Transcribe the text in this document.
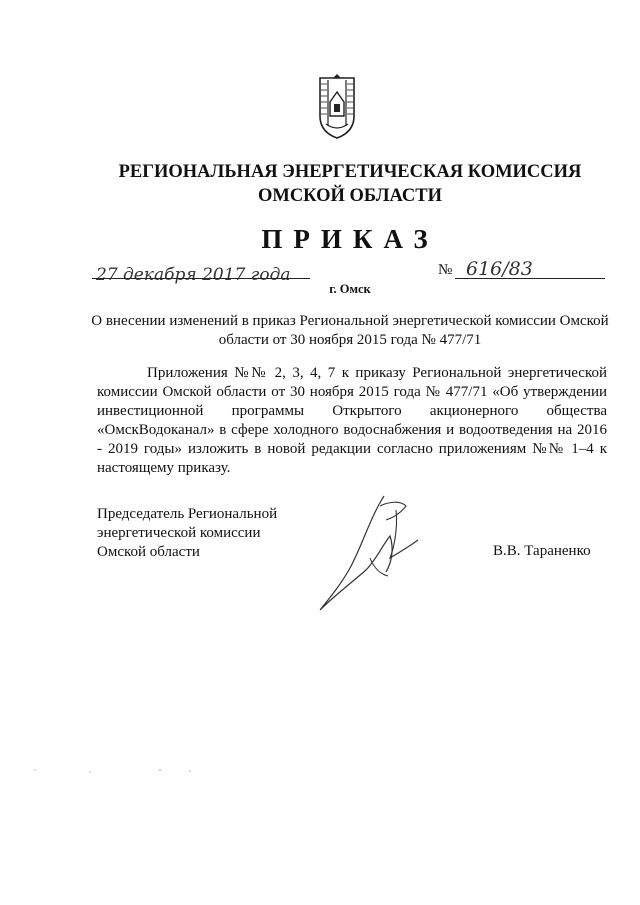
РЕГИОНАЛЬНАЯ ЭНЕРГЕТИЧЕСКАЯ КОМИССИЯ
ОМСКОЙ ОБЛАСТИ
ПРИКАЗ
27 декабря 2017 года	№ 616/83
г. Омск
О внесении изменений в приказ Региональной энергетической комиссии Омской области от 30 ноября 2015 года № 477/71
Приложения №№ 2, 3, 4, 7 к приказу Региональной энергетической комиссии Омской области от 30 ноября 2015 года № 477/71 «Об утверждении инвестиционной программы Открытого акционерного общества «ОмскВодоканал» в сфере холодного водоснабжения и водоотведения на 2016 - 2019 годы» изложить в новой редакции согласно приложениям №№ 1–4 к настоящему приказу.
Председатель Региональной
энергетической комиссии
Омской области	В.В. Тараненко
